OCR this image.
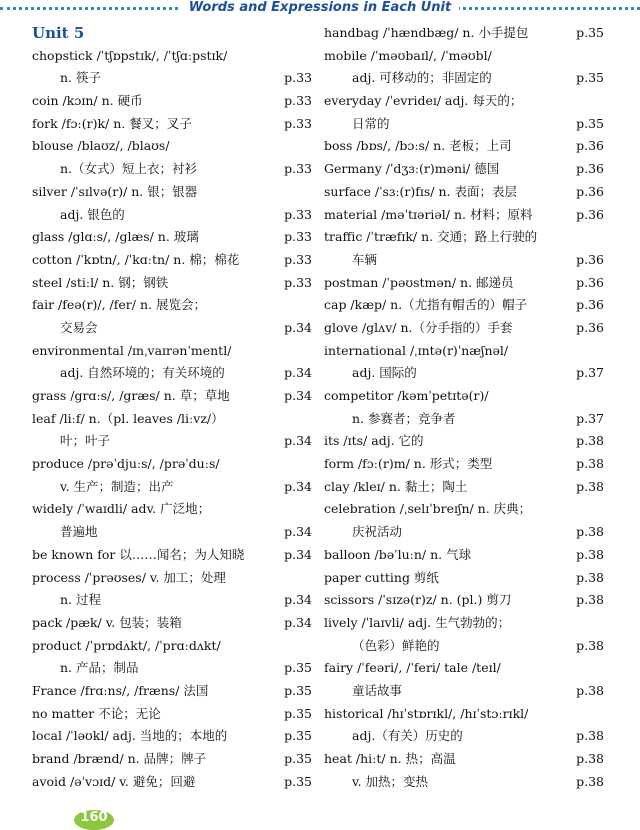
Words and Expressions in Each Unit
Unit 5
chopstick /ˈtʃɒpstɪk/, /ˈtʃɑːpstɪk/
n. 筷子	p.33
coin /kɔɪn/ n. 硬币	p.33
fork /fɔː(r)k/ n. 餐叉；叉子	p.33
blouse /blaʊz/, /blaʊs/
n.（女式）短上衣；衬衫	p.33
silver /ˈsɪlvə(r)/ n. 银；银器
adj. 银色的	p.33
glass /glɑːs/, /glæs/ n. 玻璃	p.33
cotton /ˈkɒtn/, /ˈkɑːtn/ n. 棉；棉花	p.33
steel /stiːl/ n. 钢；钢铁	p.33
fair /feə(r)/, /fer/ n. 展览会；
交易会	p.34
environmental /ɪnˌvaɪrənˈmentl/
adj. 自然环境的；有关环境的	p.34
grass /grɑːs/, /græs/ n. 草；草地	p.34
leaf /liːf/ n.（pl. leaves /liːvz/）
叶；叶子	p.34
produce /prəˈdjuːs/, /prəˈduːs/
v. 生产；制造；出产	p.34
widely /ˈwaɪdli/ adv. 广泛地；
普遍地	p.34
be known for 以……闻名；为人知晓	p.34
process /ˈprəʊses/ v. 加工；处理
n. 过程	p.34
pack /pæk/ v. 包装；装箱	p.34
product /ˈprɒdʌkt/, /ˈprɑːdʌkt/
n. 产品；制品	p.35
France /frɑːns/, /fræns/ 法国	p.35
no matter 不论；无论	p.35
local /ˈləʊkl/ adj. 当地的；本地的	p.35
brand /brænd/ n. 品牌；牌子	p.35
avoid /əˈvɔɪd/ v. 避免；回避	p.35
handbag /ˈhændbæg/ n. 小手提包	p.35
mobile /ˈməʊbaɪl/, /ˈməʊbl/
adj. 可移动的；非固定的	p.35
everyday /ˈevrideɪ/ adj. 每天的；
日常的	p.35
boss /bɒs/, /bɔːs/ n. 老板；上司	p.36
Germany /ˈdʒɜː(r)məni/ 德国	p.36
surface /ˈsɜː(r)fɪs/ n. 表面；表层	p.36
material /məˈtɪəriəl/ n. 材料；原料	p.36
traffic /ˈtræfɪk/ n. 交通；路上行驶的
车辆	p.36
postman /ˈpəʊstmən/ n. 邮递员	p.36
cap /kæp/ n.（尤指有帽舌的）帽子	p.36
glove /glʌv/ n.（分手指的）手套	p.36
international /ˌɪntə(r)ˈnæʃnəl/
adj. 国际的	p.37
competitor /kəmˈpetɪtə(r)/
n. 参赛者；竞争者	p.37
its /ɪts/ adj. 它的	p.38
form /fɔː(r)m/ n. 形式；类型	p.38
clay /kleɪ/ n. 黏土；陶土	p.38
celebration /ˌselɪˈbreɪʃn/ n. 庆典；
庆祝活动	p.38
balloon /bəˈluːn/ n. 气球	p.38
paper cutting 剪纸	p.38
scissors /ˈsɪzə(r)z/ n. (pl.) 剪刀	p.38
lively /ˈlaɪvli/ adj. 生气勃勃的；
（色彩）鲜艳的	p.38
fairy /ˈfeəri/, /ˈferi/ tale /teɪl/
童话故事	p.38
historical /hɪˈstɒrɪkl/, /hɪˈstɔːrɪkl/
adj.（有关）历史的	p.38
heat /hiːt/ n. 热；高温	p.38
v. 加热；变热	p.38
160
